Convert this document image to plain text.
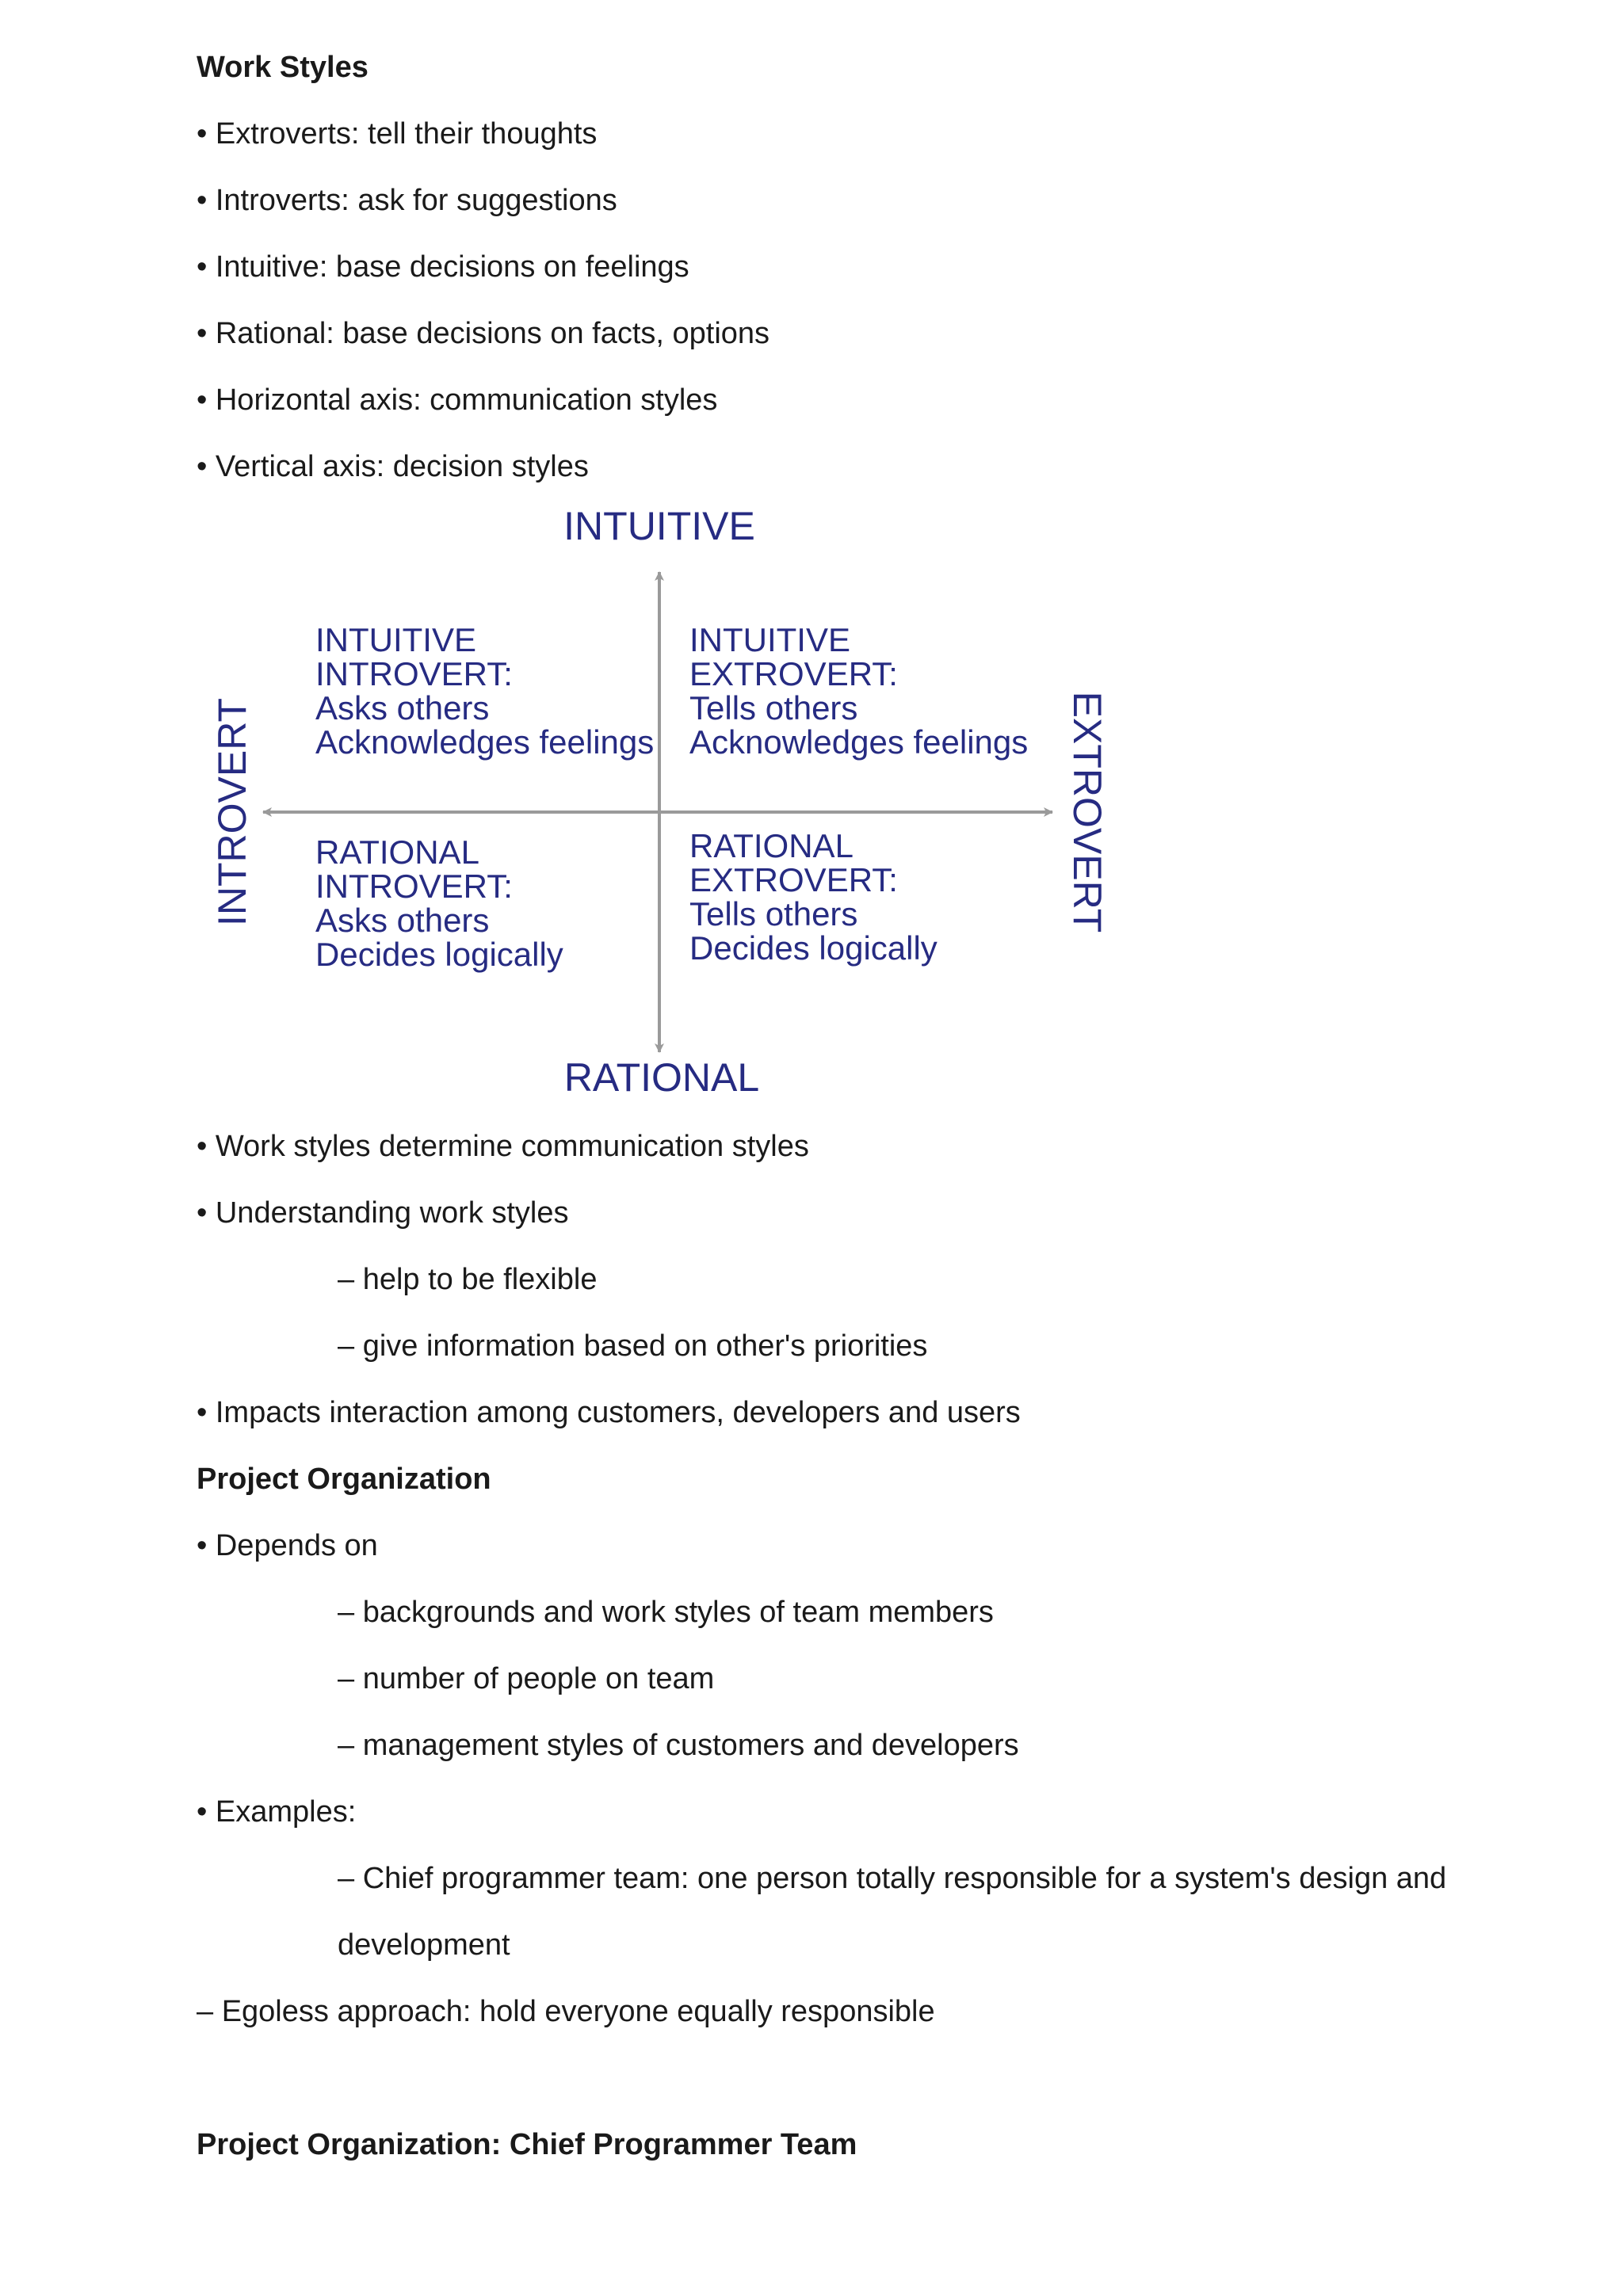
Work Styles
• Extroverts: tell their thoughts
• Introverts: ask for suggestions
• Intuitive: base decisions on feelings
• Rational: base decisions on facts, options
• Horizontal axis: communication styles
• Vertical axis: decision styles
INTUITIVE
RATIONAL
INTROVERT	EXTROVERT
INTUITIVE
INTROVERT:
Asks others
Acknowledges feelings
INTUITIVE
EXTROVERT:
Tells others
Acknowledges feelings
RATIONAL
INTROVERT:
Asks others
Decides logically
RATIONAL
EXTROVERT:
Tells others
Decides logically
• Work styles determine communication styles
• Understanding work styles
– help to be flexible
– give information based on other's priorities
• Impacts interaction among customers, developers and users
Project Organization
• Depends on
– backgrounds and work styles of team members
– number of people on team
– management styles of customers and developers
• Examples:
– Chief programmer team: one person totally responsible for a system's design and
development
– Egoless approach: hold everyone equally responsible
Project Organization: Chief Programmer Team
